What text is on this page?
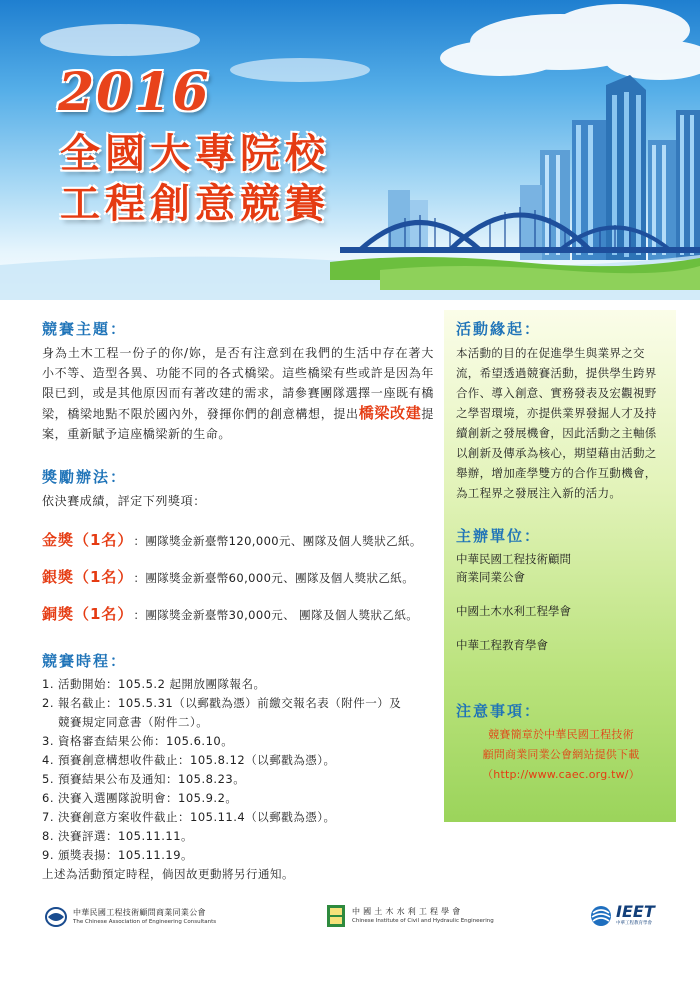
2016
全國大專院校
工程創意競賽
競賽主題：

身為土木工程一份子的你/妳，是否有注意到在我們的生活中存在著大小不等、造型各異、功能不同的各式橋梁。這些橋梁有些或許是因為年限已到，或是其他原因而有著改建的需求，請參賽團隊選擇一座既有橋梁，橋梁地點不限於國內外，發揮你們的創意構想，提出橋梁改建提案，重新賦予這座橋梁新的生命。

獎勵辦法：
依決賽成績，評定下列獎項：
金獎（1名） ：團隊獎金新臺幣120,000元、團隊及個人獎狀乙紙。
銀獎（1名） ：團隊獎金新臺幣60,000元、團隊及個人獎狀乙紙。
銅獎（1名） ：團隊獎金新臺幣30,000元、 團隊及個人獎狀乙紙。
競賽時程：
1. 活動開始：105.5.2 起開放團隊報名。
2. 報名截止：105.5.31（以郵戳為憑）前繳交報名表（附件一）及
競賽規定同意書（附件二）。
3. 資格審查結果公佈：105.6.10。
4. 預賽創意構想收件截止：105.8.12（以郵戳為憑）。
5. 預賽結果公布及通知：105.8.23。
6. 決賽入選團隊說明會：105.9.2。
7. 決賽創意方案收件截止：105.11.4（以郵戳為憑）。
8. 決賽評選：105.11.11。
9. 頒獎表揚：105.11.19。
上述為活動預定時程，倘因故更動將另行通知。
活動緣起：

本活動的目的在促進學生與業界之交流，希望透過競賽活動，提供學生跨界合作、導入創意、實務發表及宏觀視野之學習環境，亦提供業界發掘人才及持續創新之發展機會，因此活動之主軸係以創新及傳承為核心，期望藉由活動之舉辦，增加產學雙方的合作互動機會，為工程界之發展注入新的活力。

主辦單位：
中華民國工程技術顧問
商業同業公會
中國土木水利工程學會
中華工程教育學會
注意事項：
競賽簡章於中華民國工程技術
顧問商業同業公會網站提供下載
（http://www.caec.org.tw/）
中華民國工程技術顧問商業同業公會
The Chinese Association of Engineering Consultants
中 國 土 木 水 利 工 程 學 會
Chinese Institute of Civil and Hydraulic Engineering	IEET
中華工程教育學會
